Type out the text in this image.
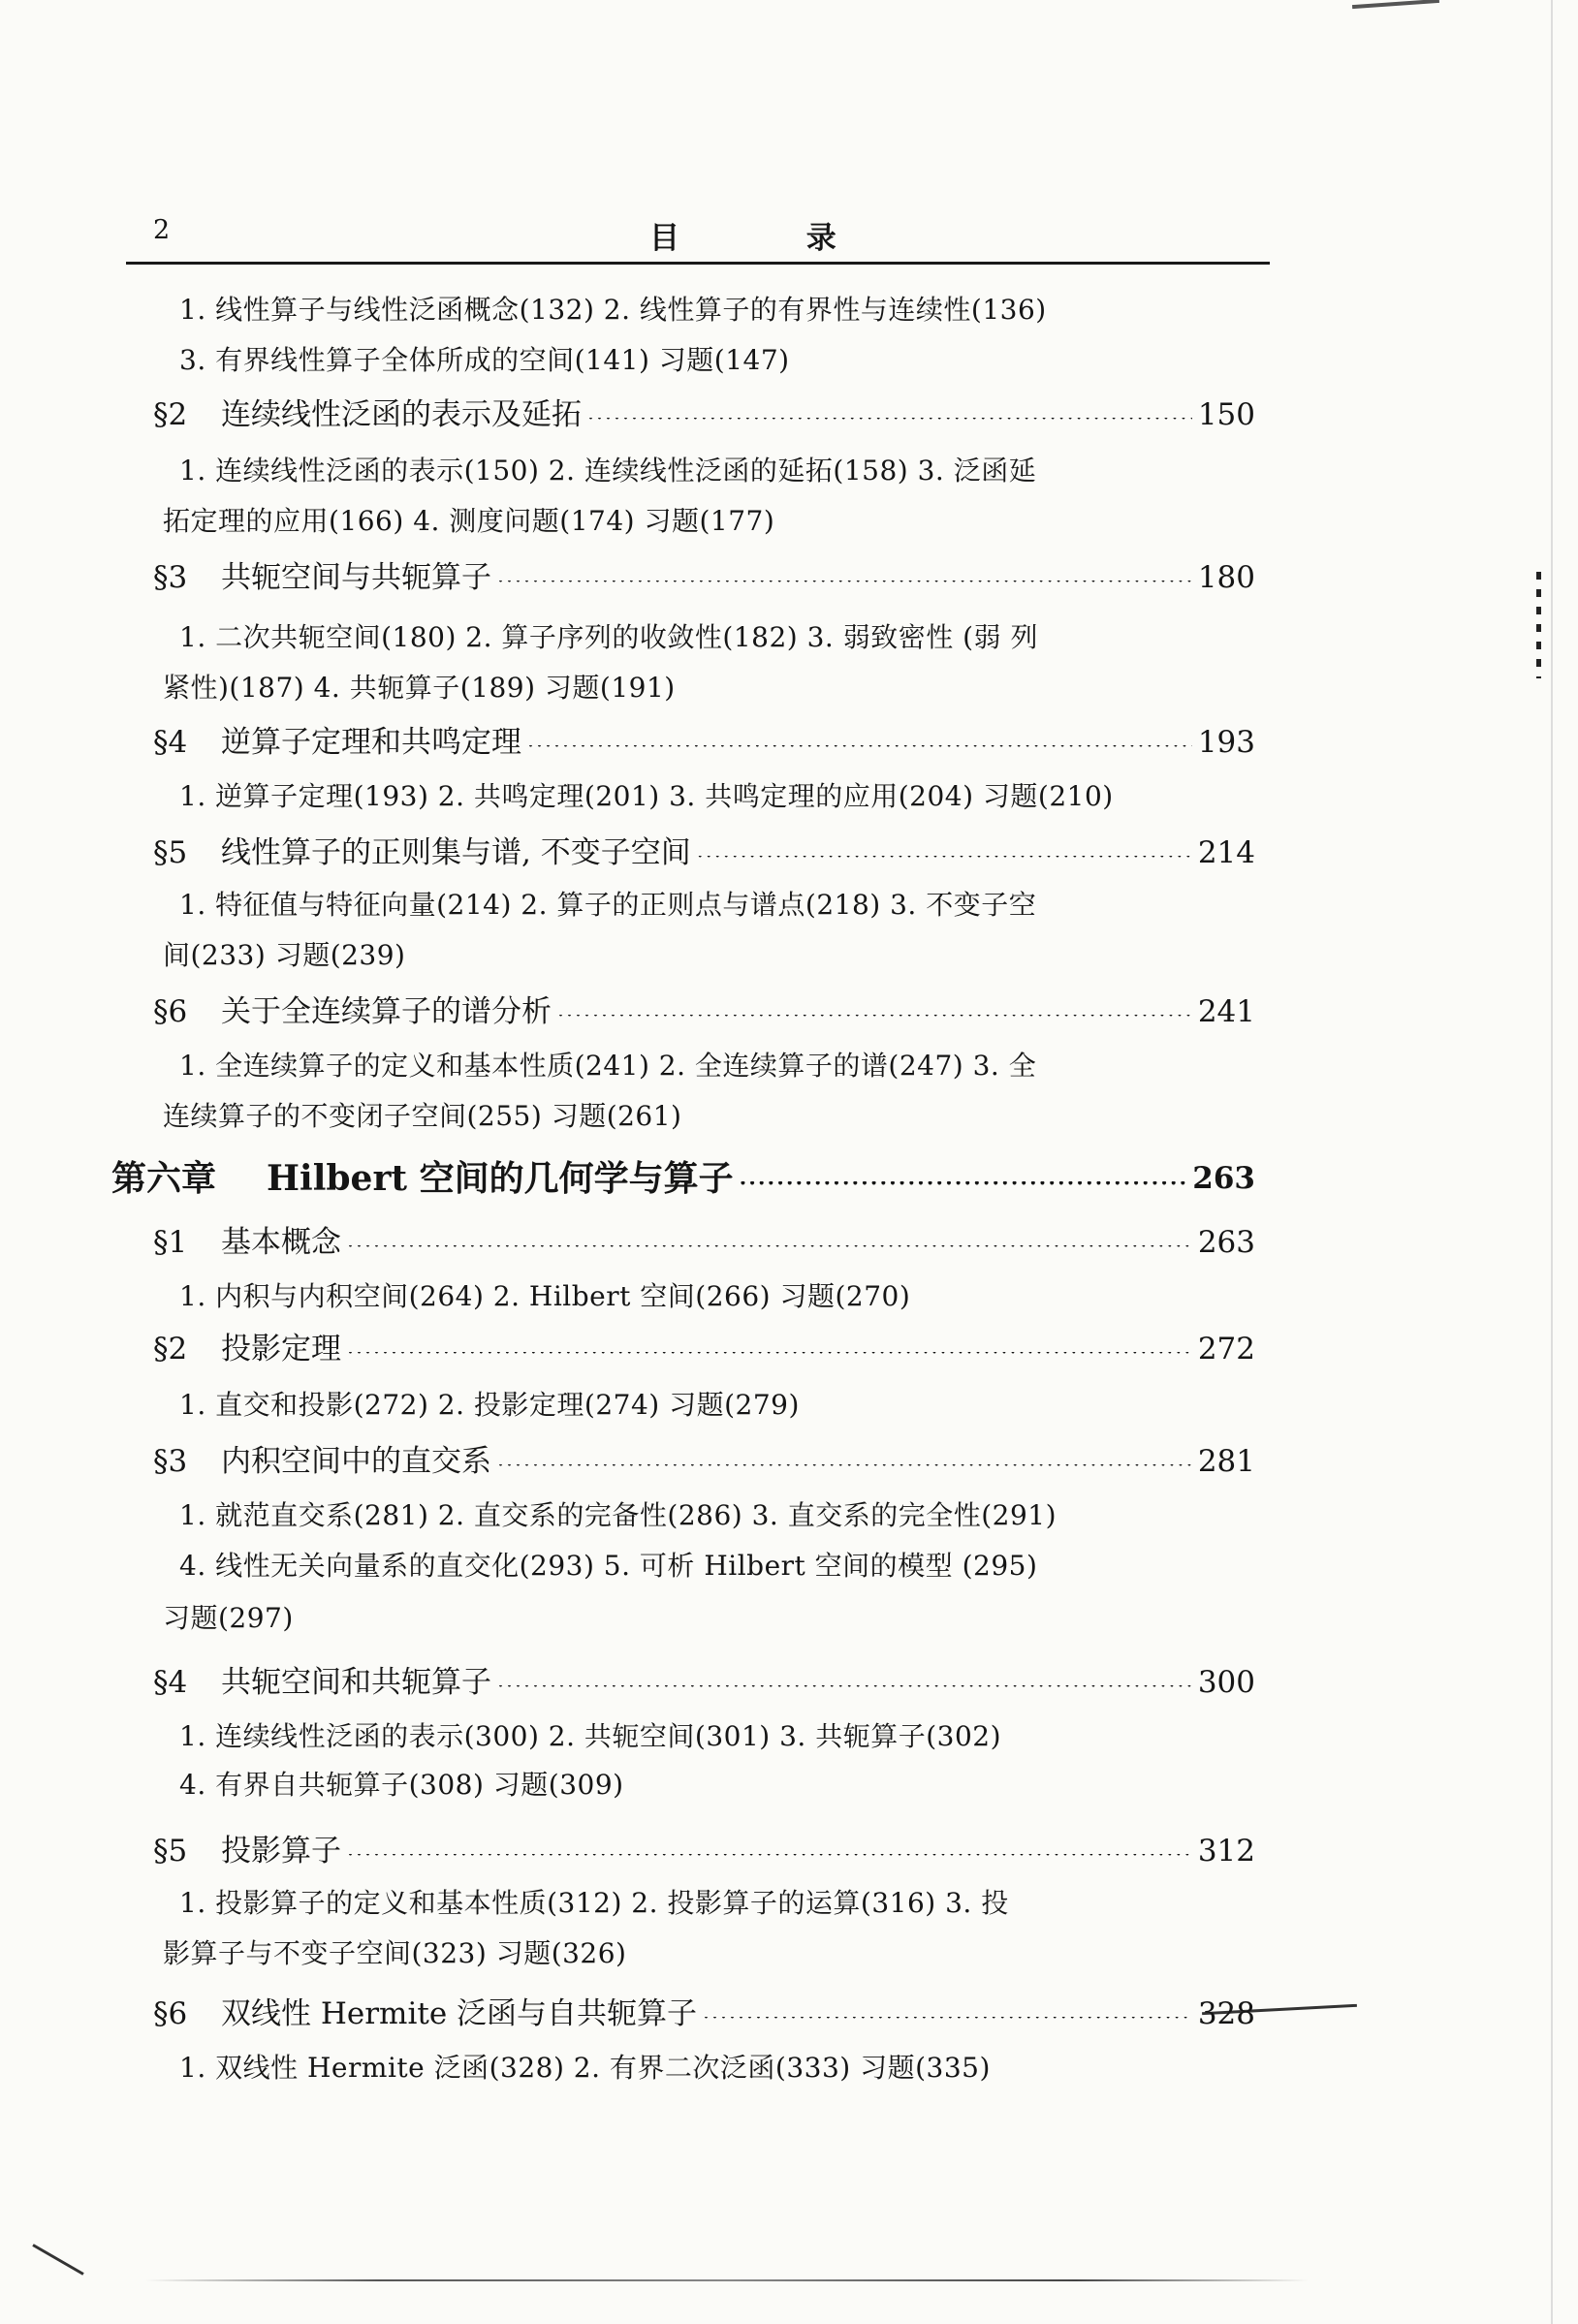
2	目 录
1. 线性算子与线性泛函概念(132) 2. 线性算子的有界性与连续性(136)
3. 有界线性算子全体所成的空间(141) 习题(147)
§2	连续线性泛函的表示及延拓 ·····	150
1. 连续线性泛函的表示(150) 2. 连续线性泛函的延拓(158) 3. 泛函延
拓定理的应用(166) 4. 测度问题(174) 习题(177)
§3	共轭空间与共轭算子 ·····	180
1. 二次共轭空间(180) 2. 算子序列的收敛性(182) 3. 弱致密性 (弱 列
紧性)(187) 4. 共轭算子(189) 习题(191)
§4	逆算子定理和共鸣定理 ·····	193
1. 逆算子定理(193) 2. 共鸣定理(201) 3. 共鸣定理的应用(204) 习题(210)
§5	线性算子的正则集与谱, 不变子空间 ·····	214
1. 特征值与特征向量(214) 2. 算子的正则点与谱点(218) 3. 不变子空
间(233) 习题(239)
§6	关于全连续算子的谱分析 ·····	241
1. 全连续算子的定义和基本性质(241) 2. 全连续算子的谱(247) 3. 全
连续算子的不变闭子空间(255) 习题(261)
第六章	Hilbert 空间的几何学与算子 ·····	263
§1	基本概念 ·····	263
1. 内积与内积空间(264) 2. Hilbert 空间(266) 习题(270)
§2	投影定理 ·····	272
1. 直交和投影(272) 2. 投影定理(274) 习题(279)
§3	内积空间中的直交系 ·····	281
1. 就范直交系(281) 2. 直交系的完备性(286) 3. 直交系的完全性(291)
4. 线性无关向量系的直交化(293) 5. 可析 Hilbert 空间的模型 (295)
习题(297)
§4	共轭空间和共轭算子 ·····	300
1. 连续线性泛函的表示(300) 2. 共轭空间(301) 3. 共轭算子(302)
4. 有界自共轭算子(308) 习题(309)
§5	投影算子 ·····	312
1. 投影算子的定义和基本性质(312) 2. 投影算子的运算(316) 3. 投
影算子与不变子空间(323) 习题(326)
§6	双线性 Hermite 泛函与自共轭算子 ·····	328
1. 双线性 Hermite 泛函(328) 2. 有界二次泛函(333) 习题(335)
